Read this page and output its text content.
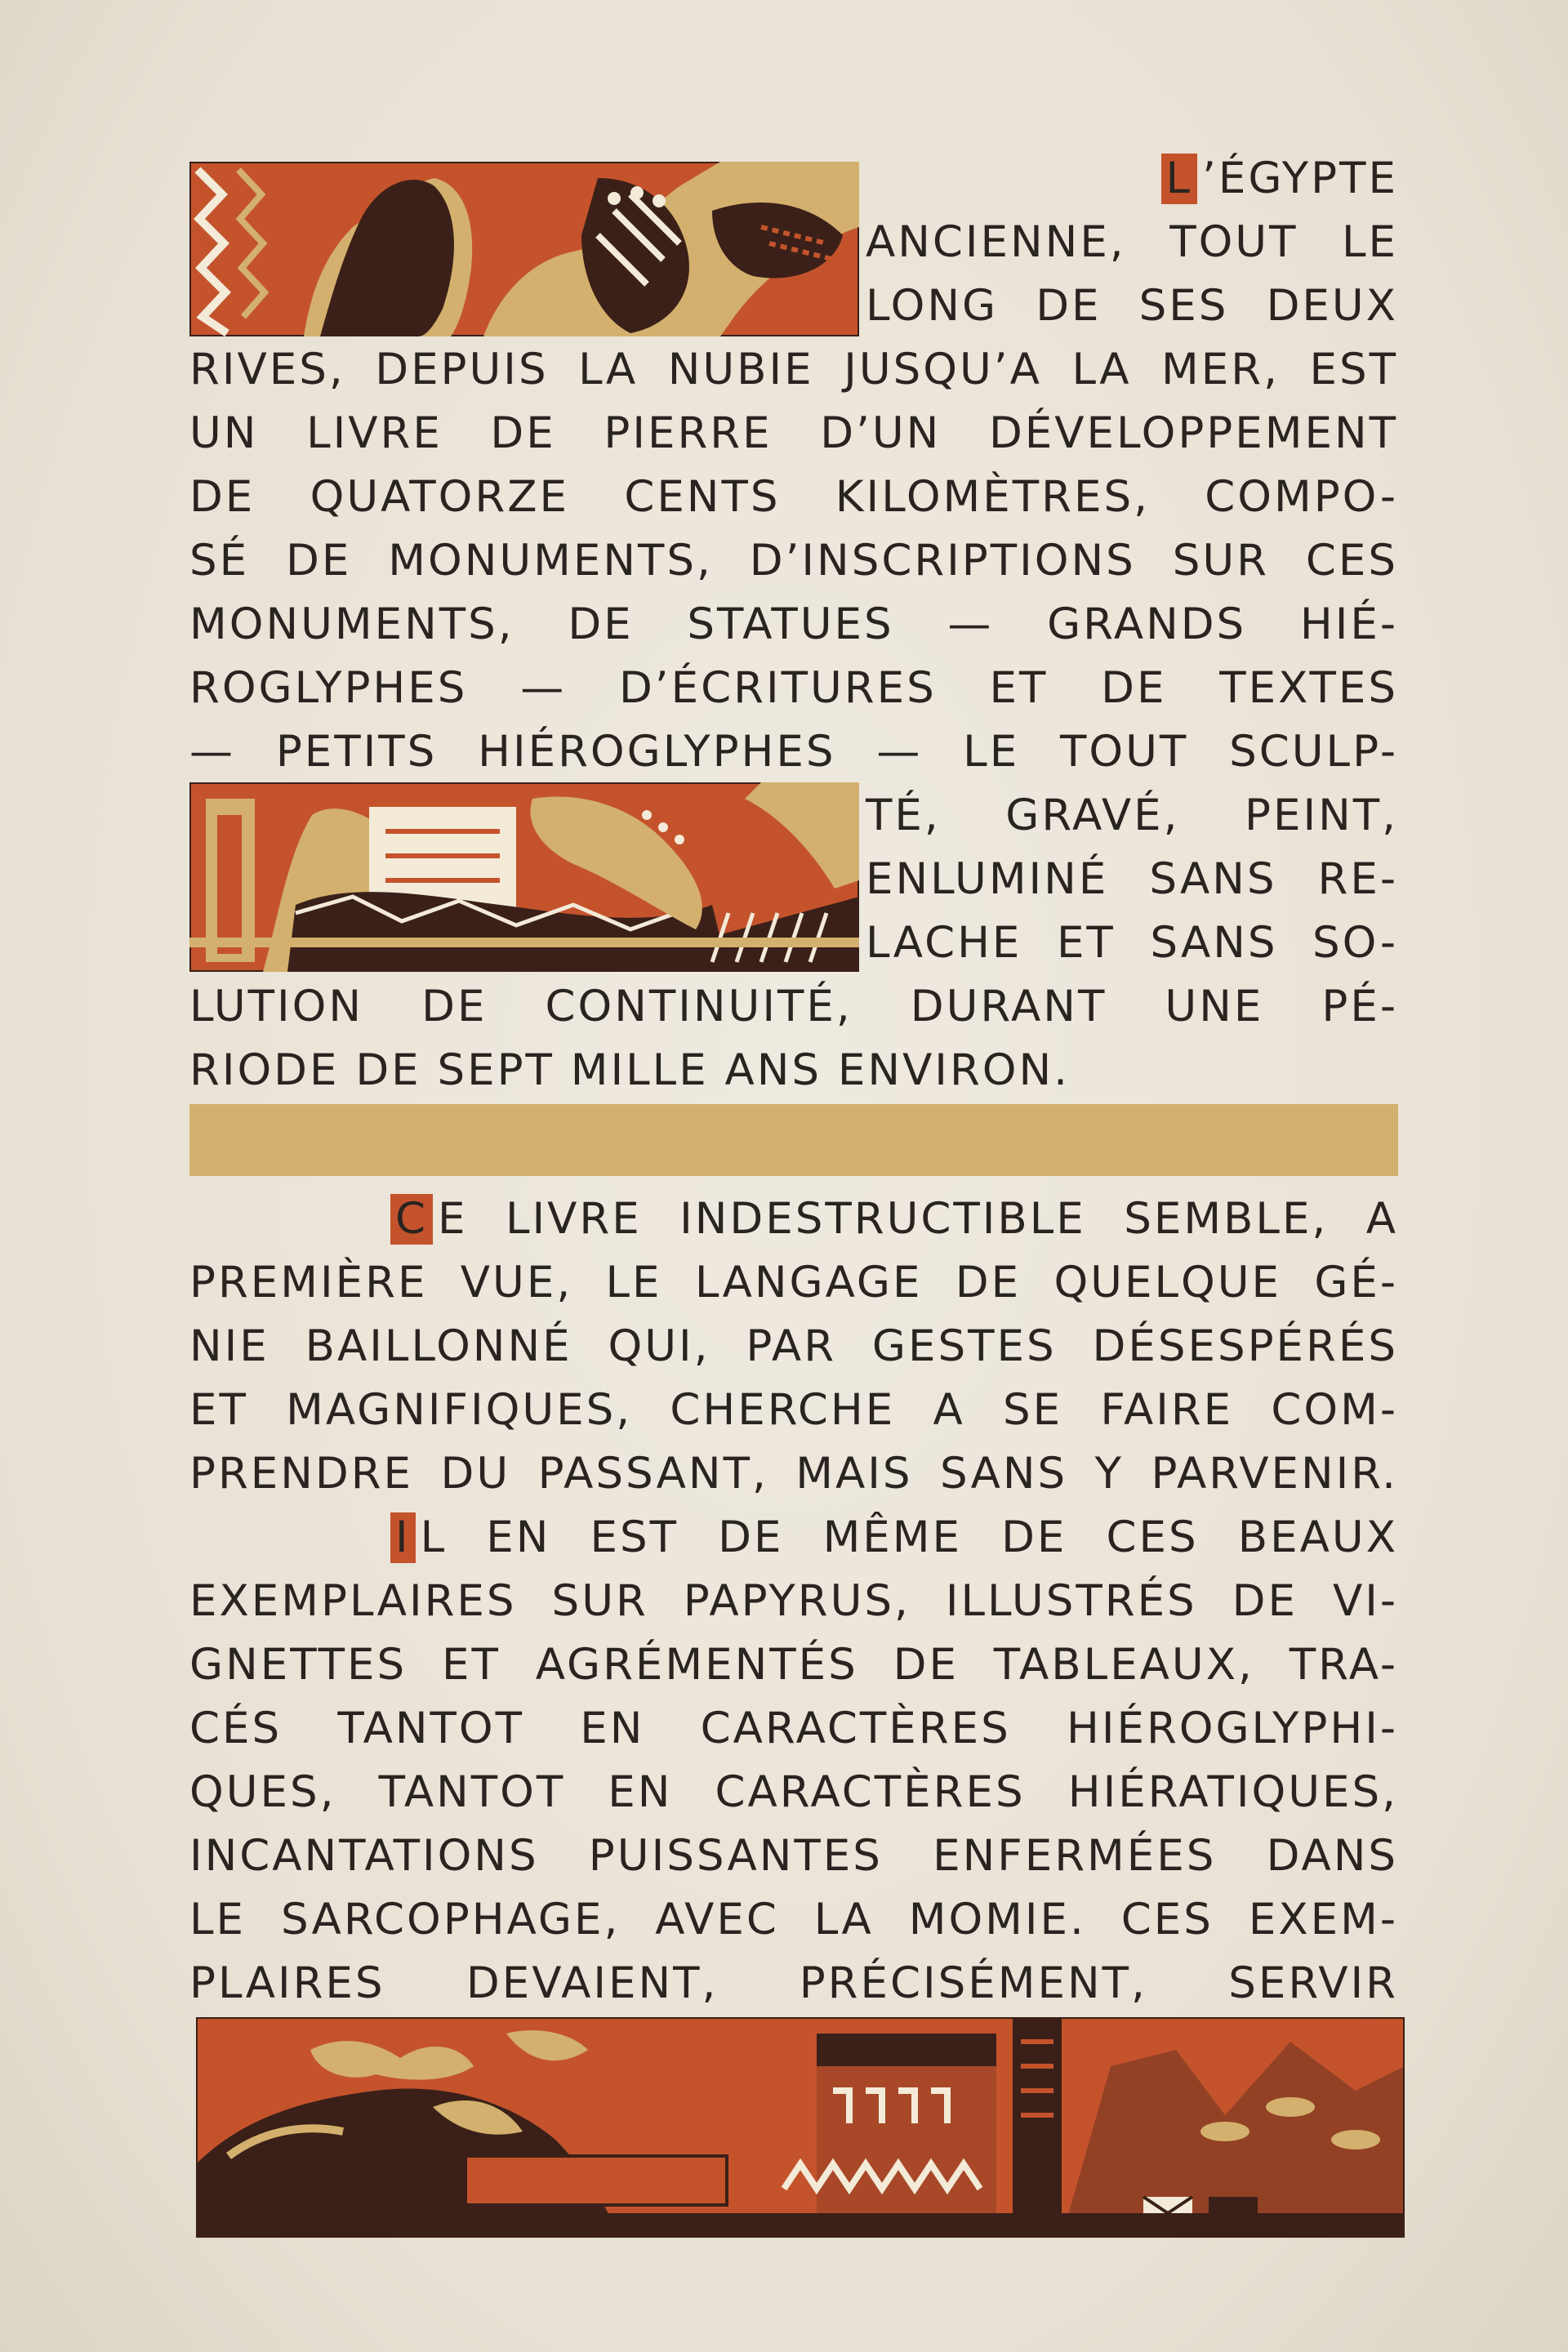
L ’ÉGYPTE
ANCIENNE, TOUT LE
LONG DE SES DEUX
RIVES, DEPUIS LA NUBIE JUSQU’A LA MER, EST
UN LIVRE DE PIERRE D’UN DÉVELOPPEMENT
DE QUATORZE CENTS KILOMÈTRES, COMPO-
SÉ DE MONUMENTS, D’INSCRIPTIONS SUR CES
MONUMENTS, DE STATUES — GRANDS HIÉ-
ROGLYPHES — D’ÉCRITURES ET DE TEXTES
— PETITS HIÉROGLYPHES — LE TOUT SCULP-
TÉ, GRAVÉ, PEINT,
ENLUMINÉ SANS RE-
LACHE ET SANS SO-
LUTION DE CONTINUITÉ, DURANT UNE PÉ-
RIODE DE SEPT MILLE ANS ENVIRON.
C E LIVRE INDESTRUCTIBLE SEMBLE, A
PREMIÈRE VUE, LE LANGAGE DE QUELQUE GÉ-
NIE BAILLONNÉ QUI, PAR GESTES DÉSESPÉRÉS
ET MAGNIFIQUES, CHERCHE A SE FAIRE COM-
PRENDRE DU PASSANT, MAIS SANS Y PARVENIR.
I L EN EST DE MÊME DE CES BEAUX
EXEMPLAIRES SUR PAPYRUS, ILLUSTRÉS DE VI-
GNETTES ET AGRÉMENTÉS DE TABLEAUX, TRA-
CÉS TANTOT EN CARACTÈRES HIÉROGLYPHI-
QUES, TANTOT EN CARACTÈRES HIÉRATIQUES,
INCANTATIONS PUISSANTES ENFERMÉES DANS
LE SARCOPHAGE, AVEC LA MOMIE. CES EXEM-
PLAIRES DEVAIENT, PRÉCISÉMENT, SERVIR
